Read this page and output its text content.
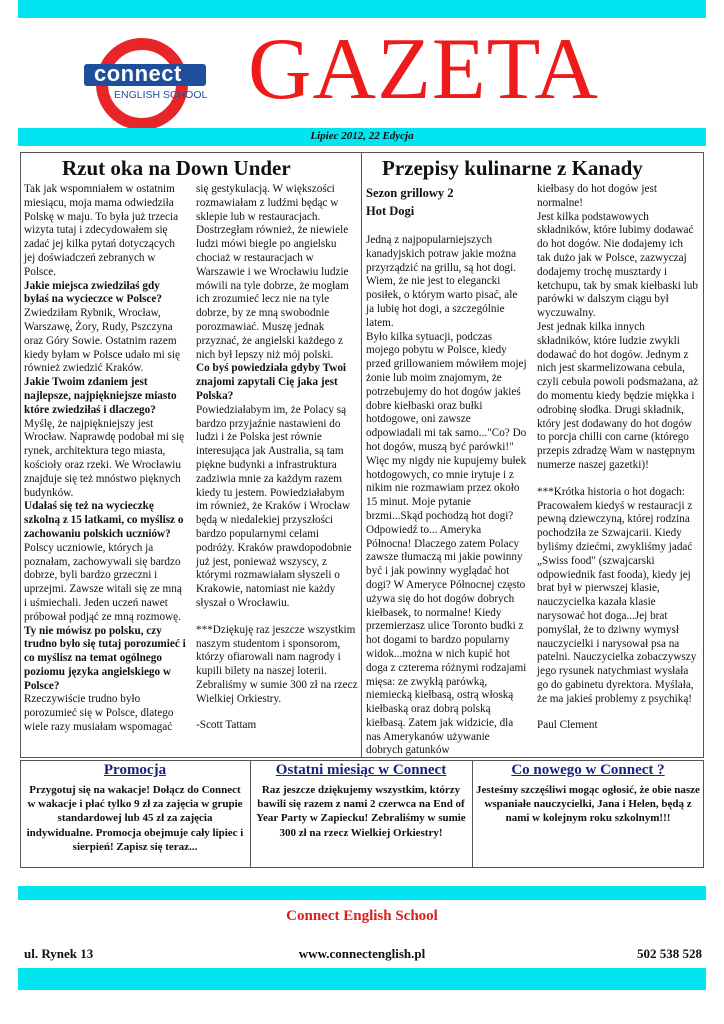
connect
ENGLISH SCHOOL GAZETA
Lipiec 2012, 22 Edycja
Rzut oka na Down Under

Tak jak wspomniałem w ostatnim miesiącu, moja mama odwiedziła Polskę w maju. To była już trzecia wizyta tutaj i zdecydowałem się zadać jej kilka pytań dotyczących jej doświadczeń zebranych w Polsce.

Jakie miejsca zwiedziłaś gdy byłaś na wycieczce w Polsce?

Zwiedziłam Rybnik, Wrocław, Warszawę, Żory, Rudy, Pszczyna oraz Góry Sowie. Ostatnim razem kiedy byłam w Polsce udało mi się również zwiedzić Kraków.

Jakie Twoim zdaniem jest najlepsze, najpiękniejsze miasto które zwiedziłaś i dlaczego?

Myślę, że najpiękniejszy jest Wrocław. Naprawdę podobał mi się rynek, architektura tego miasta, kościoły oraz rzeki. We Wrocławiu znajduje się też mnóstwo pięknych budynków.

Udałaś się też na wycieczkę szkolną z 15 latkami, co myślisz o zachowaniu polskich uczniów?

Polscy uczniowie, których ja poznałam, zachowywali się bardzo dobrze, byli bardzo grzeczni i uprzejmi. Zawsze witali się ze mną i uśmiechali. Jeden uczeń nawet próbował podjąć ze mną rozmowę.

Ty nie mówisz po polsku, czy trudno było się tutaj porozumieć i co myślisz na temat ogólnego poziomu języka angielskiego w Polsce?

Rzeczywiście trudno było porozumieć się w Polsce, dlatego wiele razy musiałam wspomagać

się gestykulacją. W większości rozmawiałam z ludźmi będąc w sklepie lub w restauracjach. Dostrzegłam również, że niewiele ludzi mówi biegle po angielsku chociaż w restauracjach w Warszawie i we Wrocławiu ludzie mówili na tyle dobrze, że mogłam ich zrozumieć lecz nie na tyle dobrze, by ze mną swobodnie porozmawiać. Muszę jednak przyznać, że angielski każdego z nich był lepszy niż mój polski.

Co byś powiedziała gdyby Twoi znajomi zapytali Cię jaka jest Polska?

Powiedziałabym im, że Polacy są bardzo przyjaźnie nastawieni do ludzi i że Polska jest równie interesująca jak Australia, są tam piękne budynki a infrastruktura zadziwia mnie za każdym razem kiedy tu jestem. Powiedziałabym im również, że Kraków i Wrocław będą w niedalekiej przyszłości bardzo popularnymi celami podróży. Kraków prawdopodobnie już jest, ponieważ wszyscy, z którymi rozmawiałam słyszeli o Krakowie, natomiast nie każdy słyszał o Wrocławiu.

***Dziękuję raz jeszcze wszystkim naszym studentom i sponsorom, którzy ofiarowali nam nagrody i kupili bilety na naszej loterii. Zebraliśmy w sumie 300 zł na rzecz Wielkiej Orkiestry.

-Scott Tattam

Przepisy kulinarne z Kanady
Sezon grillowy 2
Hot Dogi

Jedną z najpopularniejszych kanadyjskich potraw jakie można przyrządzić na grillu, są hot dogi. Wiem, że nie jest to eleganckі posiłek, o którym warto pisać, ale ja lubię hot dogi, a szczególnie latem.

Było kilka sytuacji, podczas mojego pobytu w Polsce, kiedy przed grillowaniem mówiłem mojej żonie lub moim znajomym, że potrzebujemy do hot dogów jakieś dobre kiełbaski oraz bułki hotdogowe, oni zawsze odpowiadali mi tak samo..."Co? Do hot dogów, muszą być parówki!"

Więc my nigdy nie kupujemy bułek hotdogowych, co mnie irytuje i z nikim nie rozmawiam przez około 15 minut. Moje pytanie brzmi...Skąd pochodzą hot dogi? Odpowiedź to... Ameryka Północna! Dlaczego zatem Polacy zawsze tłumaczą mi jakie powinny być i jak powinny wyglądać hot dogi? W Ameryce Północnej często używa się do hot dogów dobrych kiełbasek, to normalne! Kiedy przemierzasz ulice Toronto budki z hot dogami to bardzo popularny widok...można w nich kupić hot doga z czterema różnymi rodzajami mięsa: ze zwykłą parówką, niemiecką kiełbasą, ostrą włoską kiełbaską oraz dobrą polską kiełbasą. Zatem jak widzicie, dla nas Amerykanów używanie dobrych gatunków

kiełbasy do hot dogów jest normalne!

Jest kilka podstawowych składników, które lubimy dodawać do hot dogów. Nie dodajemy ich tak dużo jak w Polsce, zazwyczaj dodajemy trochę musztardy i ketchupu, tak by smak kiełbaski lub parówki w dalszym ciągu był wyczuwalny.

Jest jednak kilka innych składników, które ludzie zwykli dodawać do hot dogów. Jednym z nich jest skarmelizowana cebula, czyli cebula powoli podsmażana, aż do momentu kiedy będzie miękka i odrobinę słodka. Drugi składnik, który jest dodawany do hot dogów to porcja chilli con carne (którego przepis zdradzę Wam w następnym numerze naszej gazetki)!

***Krótka historia o hot dogach: Pracowałem kiedyś w restauracji z pewną dziewczyną, której rodzina pochodziła ze Szwajcarii. Kiedy byliśmy dziećmi, zwykliśmy jadać „Swiss food" (szwajcarski odpowiednik fast fooda), kiedy jej brat był w pierwszej klasie, nauczycielka kazała klasie narysować hot doga...Jej brat pomyślał, że to dziwny wymysł nauczycielki i narysował psa na patelni. Nauczycielka zobaczywszy jego rysunek natychmiast wysłała go do gabinetu dyrektora. Myślała, że ma jakieś problemy z psychiką!

Paul Clement

Promocja
Przygotuj się na wakacje! Dołącz do Connect w wakacje i płać tylko 9 zł za zajęcia w grupie standardowej lub 45 zł za zajęcia indywidualne. Promocja obejmuje cały lipiec i sierpień! Zapisz się teraz...
Ostatni miesiąc w Connect
Raz jeszcze dziękujemy wszystkim, którzy bawili się razem z nami 2 czerwca na End of Year Party w Zapiecku! Zebraliśmy w sumie 300 zł na rzecz Wielkiej Orkiestry!
Co nowego w Connect ?
Jesteśmy szczęśliwi mogąc ogłosić, że obie nasze wspaniałe nauczycielki, Jana i Helen, będą z nami w kolejnym roku szkolnym!!!
Connect English School
ul. Rynek 13	www.connectenglish.pl	502 538 528
